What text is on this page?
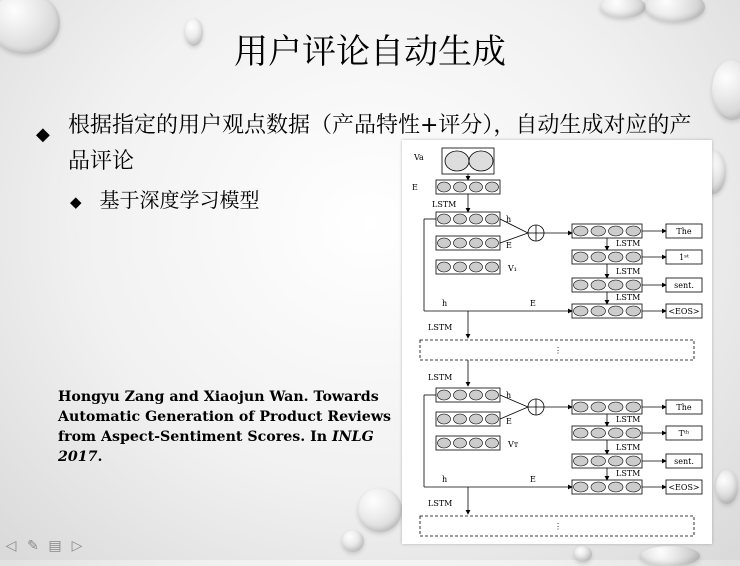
用户评论自动生成
◆ 根据指定的用户观点数据（产品特性+评分），自动生成对应的产品评论
◆ 基于深度学习模型
Hongyu Zang and Xiaojun Wan. Towards Automatic Generation of Product Reviews from Aspect-Sentiment Scores. In INLG 2017.
Va
E
LSTM
h
E
V₁
h	E
LSTM
⋮
LSTM
h
E
Vт
h	E
LSTM
⋮
LSTM
LSTM
LSTM
LSTM
LSTM
LSTM
The
1ˢᵗ
sent.
<EOS>
The
Tᵗʰ
sent.
<EOS>
◁ ✎ ▤ ▷
